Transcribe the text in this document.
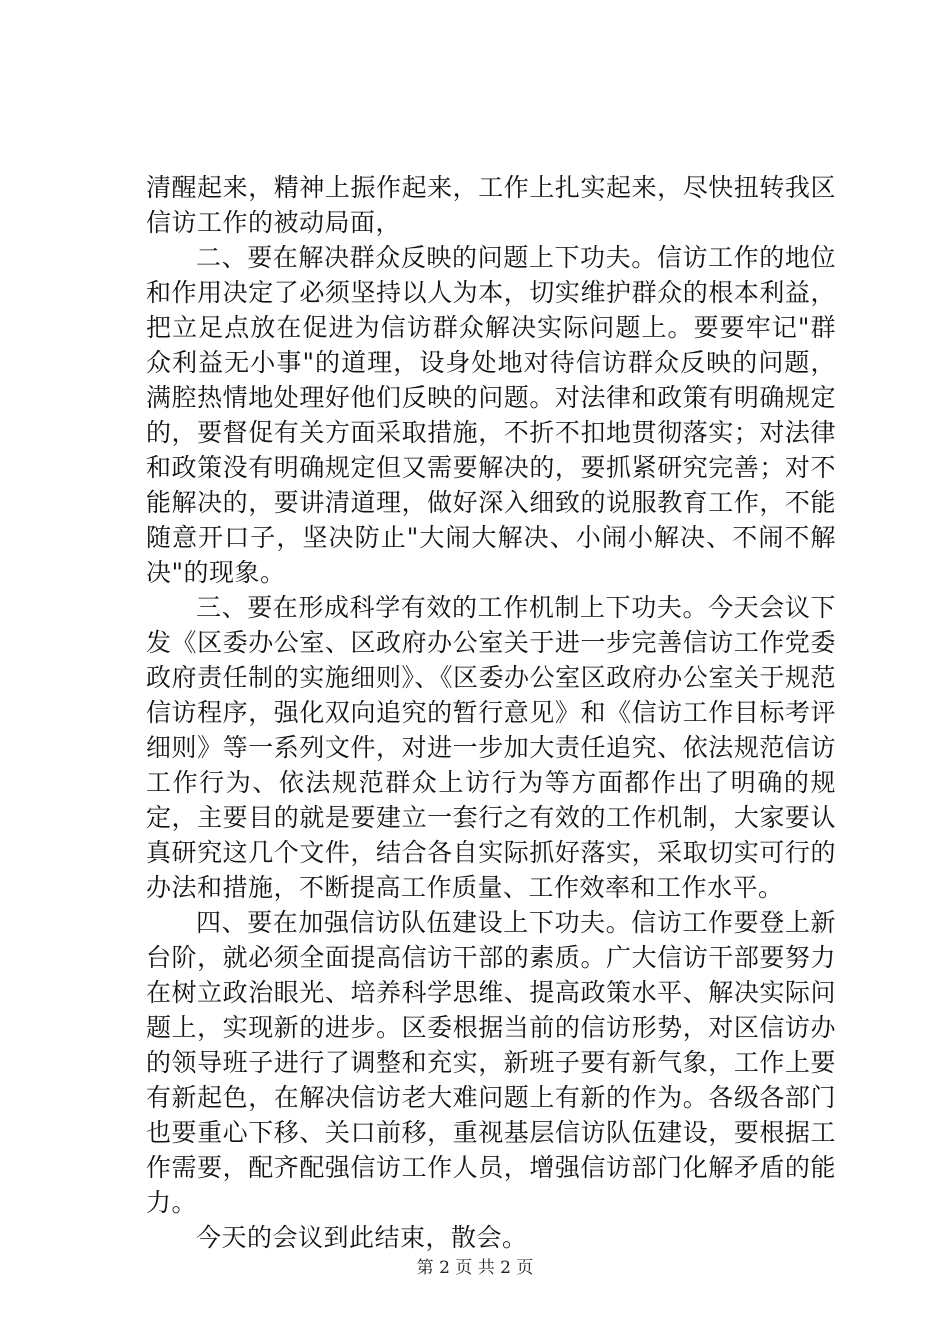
清醒起来，精神上振作起来，工作上扎实起来，尽快扭转我区信访工作的被动局面，

二、要在解决群众反映的问题上下功夫。信访工作的地位和作用决定了必须坚持以人为本，切实维护群众的根本利益，把立足点放在促进为信访群众解决实际问题上。要要牢记"群众利益无小事"的道理，设身处地对待信访群众反映的问题，满腔热情地处理好他们反映的问题。对法律和政策有明确规定的，要督促有关方面采取措施，不折不扣地贯彻落实；对法律和政策没有明确规定但又需要解决的，要抓紧研究完善；对不能解决的，要讲清道理，做好深入细致的说服教育工作，不能随意开口子，坚决防止"大闹大解决、小闹小解决、不闹不解决"的现象。

三、要在形成科学有效的工作机制上下功夫。今天会议下发《区委办公室、区政府办公室关于进一步完善信访工作党委政府责任制的实施细则》、《区委办公室区政府办公室关于规范信访程序，强化双向追究的暂行意见》和《信访工作目标考评细则》等一系列文件，对进一步加大责任追究、依法规范信访工作行为、依法规范群众上访行为等方面都作出了明确的规定，主要目的就是要建立一套行之有效的工作机制，大家要认真研究这几个文件，结合各自实际抓好落实，采取切实可行的办法和措施，不断提高工作质量、工作效率和工作水平。

四、要在加强信访队伍建设上下功夫。信访工作要登上新台阶，就必须全面提高信访干部的素质。广大信访干部要努力在树立政治眼光、培养科学思维、提高政策水平、解决实际问题上，实现新的进步。区委根据当前的信访形势，对区信访办的领导班子进行了调整和充实，新班子要有新气象，工作上要有新起色，在解决信访老大难问题上有新的作为。各级各部门也要重心下移、关口前移，重视基层信访队伍建设，要根据工作需要，配齐配强信访工作人员，增强信访部门化解矛盾的能力。

今天的会议到此结束，散会。

第 2 页 共 2 页
